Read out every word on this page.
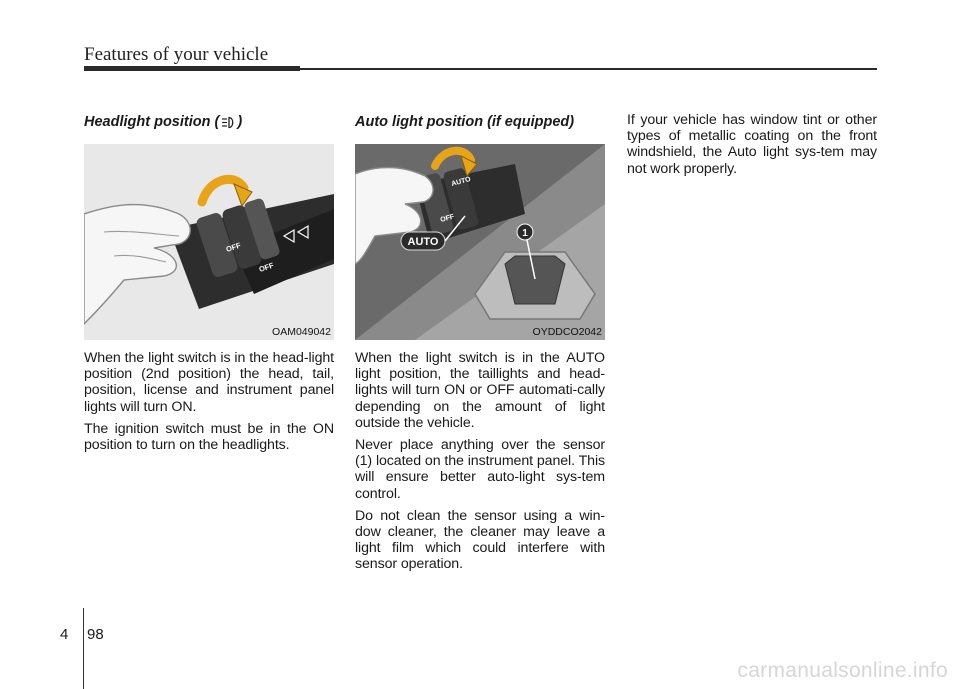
Features of your vehicle
Headlight position ( )
OFF
OFF
OAM049042

When the light switch is in the head-light position (2nd position) the head, tail, position, license and instrument panel lights will turn ON.

The ignition switch must be in the ON position to turn on the headlights.

Auto light position (if equipped)
AUTO
OFF
AUTO
1
OYDDCO2042

When the light switch is in the AUTO light position, the taillights and head-lights will turn ON or OFF automati-cally depending on the amount of light outside the vehicle.

Never place anything over the sensor (1) located on the instrument panel. This will ensure better auto-light sys-tem control.

Do not clean the sensor using a win-dow cleaner, the cleaner may leave a light film which could interfere with sensor operation.

If your vehicle has window tint or other types of metallic coating on the front windshield, the Auto light sys-tem may not work properly.

4 98
carmanualsonline.info
